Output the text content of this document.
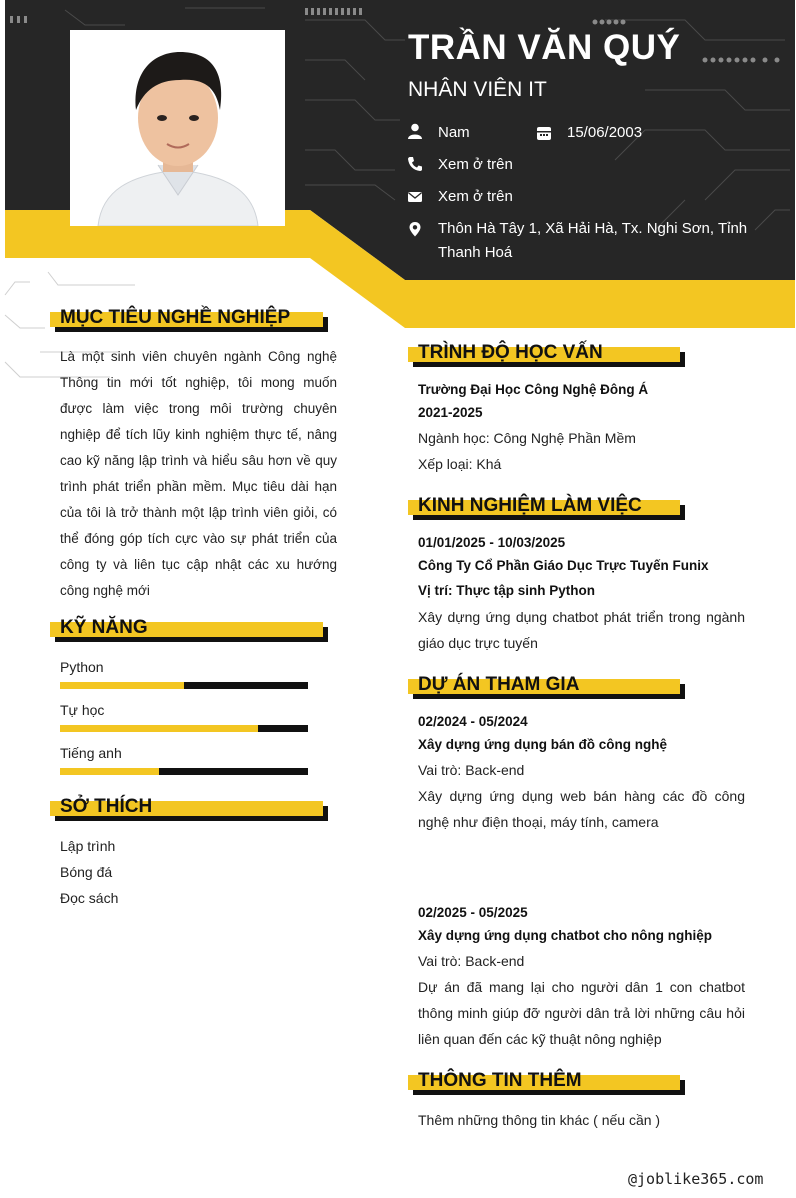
TRẦN VĂN QUÝ
NHÂN VIÊN IT
Nam	15/06/2003
Xem ở trên
Xem ở trên
Thôn Hà Tây 1, Xã Hải Hà, Tx. Nghi Sơn, Tỉnh Thanh Hoá
MỤC TIÊU NGHỀ NGHIỆP

Là một sinh viên chuyên ngành Công nghệ Thông tin mới tốt nghiệp, tôi mong muốn được làm việc trong môi trường chuyên nghiệp để tích lũy kinh nghiệm thực tế, nâng cao kỹ năng lập trình và hiểu sâu hơn về quy trình phát triển phần mềm. Mục tiêu dài hạn của tôi là trở thành một lập trình viên giỏi, có thể đóng góp tích cực vào sự phát triển của công ty và liên tục cập nhật các xu hướng công nghệ mới

KỸ NĂNG
Python
Tự học
Tiếng anh
SỞ THÍCH
Lập trình
Bóng đá
Đọc sách
TRÌNH ĐỘ HỌC VẤN
Trường Đại Học Công Nghệ Đông Á
2021-2025
Ngành học: Công Nghệ Phần Mềm
Xếp loại: Khá
KINH NGHIỆM LÀM VIỆC
01/01/2025 - 10/03/2025
Công Ty Cổ Phần Giáo Dục Trực Tuyến Funix
Vị trí: Thực tập sinh Python

Xây dựng ứng dụng chatbot phát triển trong ngành giáo dục trực tuyến

DỰ ÁN THAM GIA
02/2024 - 05/2024
Xây dựng ứng dụng bán đồ công nghệ
Vai trò: Back-end

Xây dựng ứng dụng web bán hàng các đồ công nghệ như điện thoại, máy tính, camera

02/2025 - 05/2025
Xây dựng ứng dụng chatbot cho nông nghiệp
Vai trò: Back-end

Dự án đã mang lại cho người dân 1 con chatbot thông minh giúp đỡ người dân trả lời những câu hỏi liên quan đến các kỹ thuật nông nghiệp

THÔNG TIN THÊM
Thêm những thông tin khác ( nếu cần )
@joblike365.com
